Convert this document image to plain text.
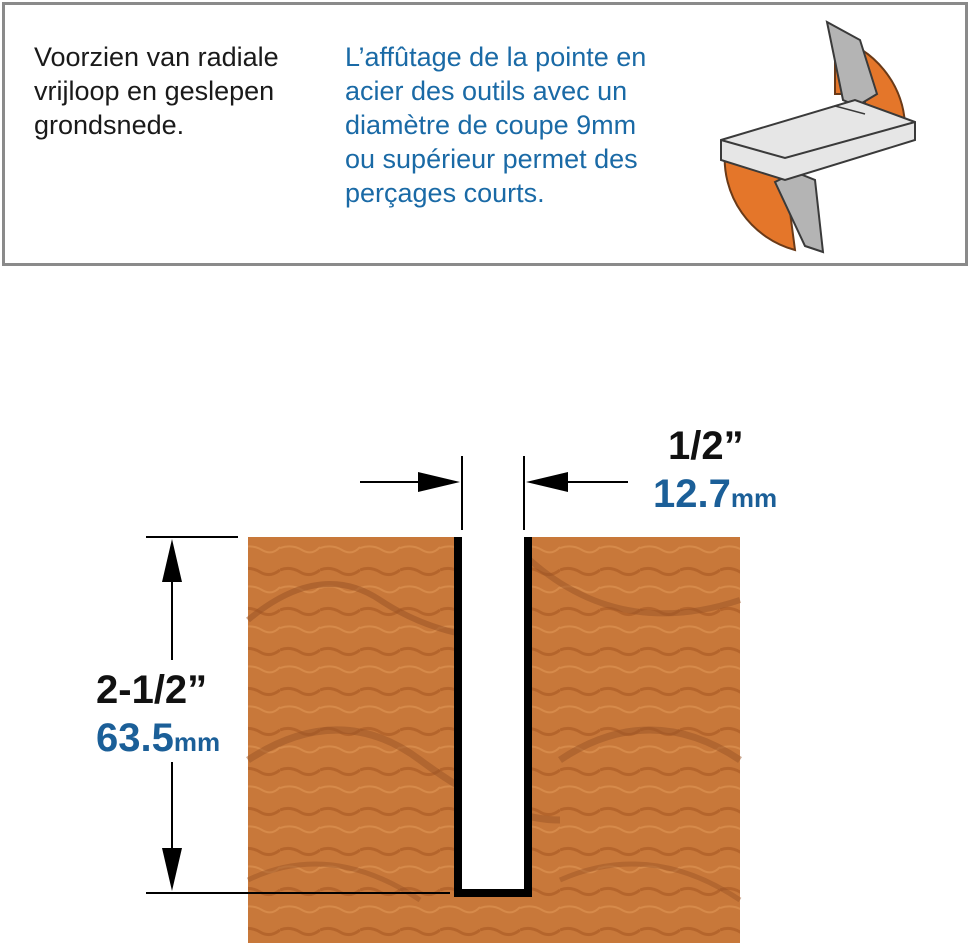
Voorzien van radiale
vrijloop en geslepen
grondsnede.
L’affûtage de la pointe en
acier des outils avec un
diamètre de coupe 9mm
ou supérieur permet des
perçages courts.
1/2”
12.7mm
2-1/2”
63.5mm
